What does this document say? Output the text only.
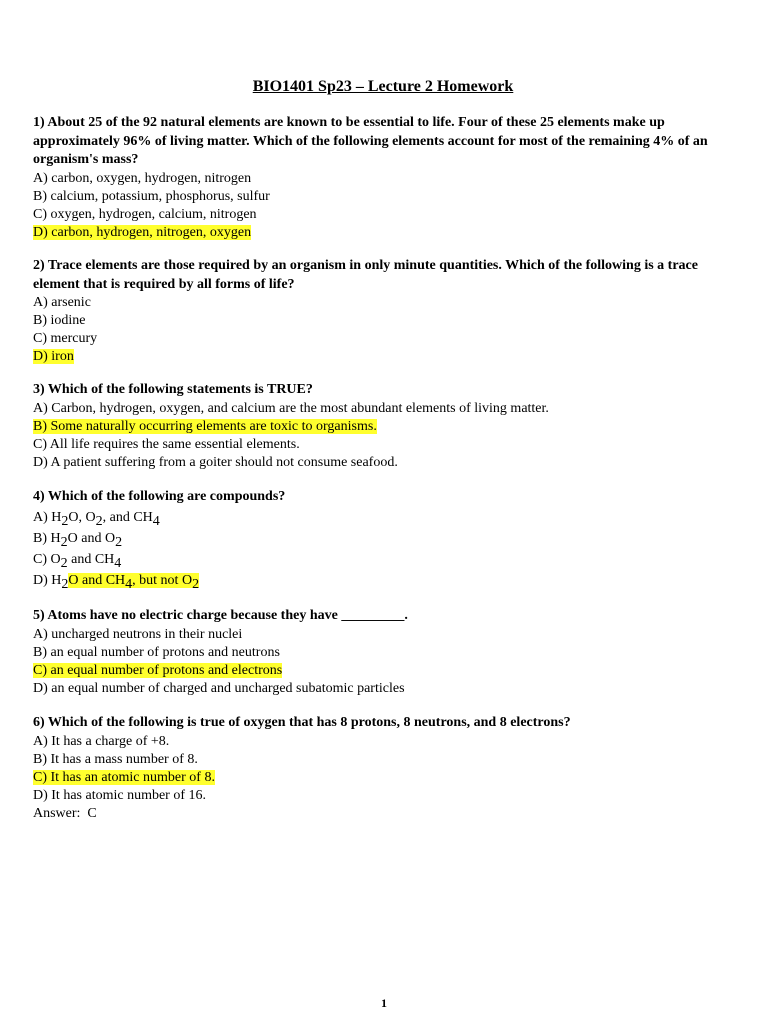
BIO1401 Sp23 – Lecture 2 Homework
1) About 25 of the 92 natural elements are known to be essential to life. Four of these 25 elements make up approximately 96% of living matter. Which of the following elements account for most of the remaining 4% of an organism's mass?
A) carbon, oxygen, hydrogen, nitrogen
B) calcium, potassium, phosphorus, sulfur
C) oxygen, hydrogen, calcium, nitrogen
D) carbon, hydrogen, nitrogen, oxygen
2) Trace elements are those required by an organism in only minute quantities. Which of the following is a trace element that is required by all forms of life?
A) arsenic
B) iodine
C) mercury
D) iron
3) Which of the following statements is TRUE?
A) Carbon, hydrogen, oxygen, and calcium are the most abundant elements of living matter.
B) Some naturally occurring elements are toxic to organisms.
C) All life requires the same essential elements.
D) A patient suffering from a goiter should not consume seafood.
4) Which of the following are compounds?
A) $H_2O$, $O_2$, and $CH_4$
B) $H_2O$ and $O_2$
C) $O_2$ and $CH_4$
D) $H_2O$ and $CH_4$, but not $O_2$
5) Atoms have no electric charge because they have _________.
A) uncharged neutrons in their nuclei
B) an equal number of protons and neutrons
C) an equal number of protons and electrons
D) an equal number of charged and uncharged subatomic particles
6) Which of the following is true of oxygen that has 8 protons, 8 neutrons, and 8 electrons?
A) It has a charge of +8.
B) It has a mass number of 8.
C) It has an atomic number of 8.
D) It has atomic number of 16.
Answer:  C
1
